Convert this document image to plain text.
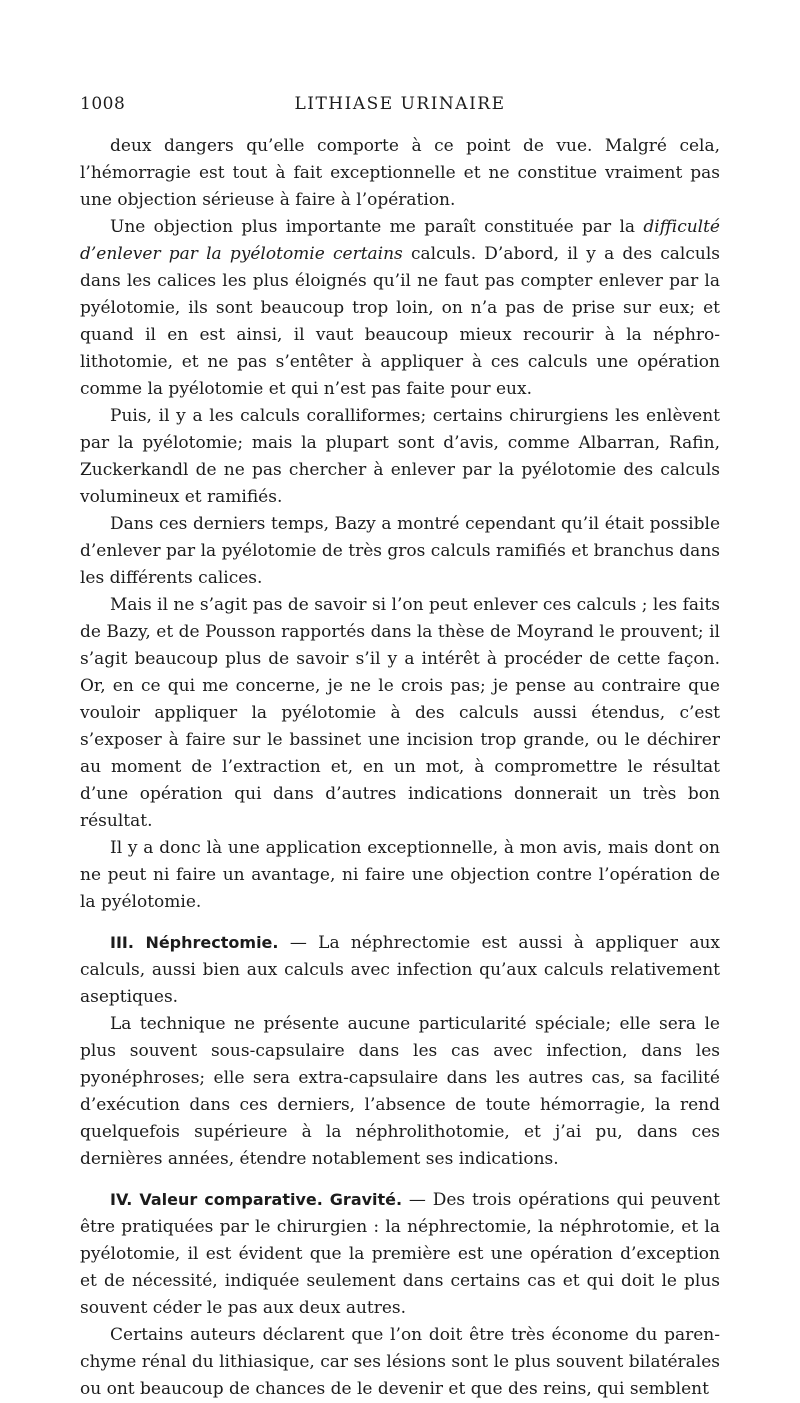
1008	LITHIASE URINAIRE

deux dangers qu’elle comporte à ce point de vue. Malgré cela, l’hémorragie est tout à fait exceptionnelle et ne constitue vraiment pas une objection sérieuse à faire à l’opération.

Une objection plus importante me paraît constituée par la difficulté d’enlever par la pyélotomie certains calculs. D’abord, il y a des calculs dans les calices les plus éloignés qu’il ne faut pas compter enlever par la pyélotomie, ils sont beaucoup trop loin, on n’a pas de prise sur eux; et quand il en est ainsi, il vaut beaucoup mieux recourir à la néphro-lithotomie, et ne pas s’entêter à appliquer à ces calculs une opération comme la pyélotomie et qui n’est pas faite pour eux.

Puis, il y a les calculs coralliformes; certains chirurgiens les enlèvent par la pyélotomie; mais la plupart sont d’avis, comme Albarran, Rafin, Zuckerkandl de ne pas chercher à enlever par la pyélotomie des calculs volumineux et ramifiés.

Dans ces derniers temps, Bazy a montré cependant qu’il était possible d’enlever par la pyélotomie de très gros calculs ramifiés et branchus dans les différents calices.

Mais il ne s’agit pas de savoir si l’on peut enlever ces calculs ; les faits de Bazy, et de Pousson rapportés dans la thèse de Moyrand le prouvent; il s’agit beaucoup plus de savoir s’il y a intérêt à procéder de cette façon. Or, en ce qui me concerne, je ne le crois pas; je pense au contraire que vouloir appliquer la pyélotomie à des calculs aussi étendus, c’est s’exposer à faire sur le bassinet une incision trop grande, ou le déchirer au moment de l’extraction et, en un mot, à compromettre le résultat d’une opération qui dans d’autres indications donnerait un très bon résultat.

Il y a donc là une application exceptionnelle, à mon avis, mais dont on ne peut ni faire un avantage, ni faire une objection contre l’opération de la pyélotomie.

III. Néphrectomie. — La néphrectomie est aussi à appliquer aux calculs, aussi bien aux calculs avec infection qu’aux calculs relativement aseptiques.

La technique ne présente aucune particularité spéciale; elle sera le plus souvent sous-capsulaire dans les cas avec infection, dans les pyonéphroses; elle sera extra-capsulaire dans les autres cas, sa facilité d’exécution dans ces derniers, l’absence de toute hémorragie, la rend quelquefois supérieure à la néphrolithotomie, et j’ai pu, dans ces dernières années, étendre notablement ses indications.

IV. Valeur comparative. Gravité. — Des trois opérations qui peuvent être pratiquées par le chirurgien : la néphrectomie, la néphrotomie, et la pyélotomie, il est évident que la première est une opération d’exception et de nécessité, indiquée seulement dans certains cas et qui doit le plus souvent céder le pas aux deux autres.

Certains auteurs déclarent que l’on doit être très économe du parenchyme rénal du lithiasique, car ses lésions sont le plus souvent bilatérales ou ont beaucoup de chances de le devenir et que des reins, qui semblent
